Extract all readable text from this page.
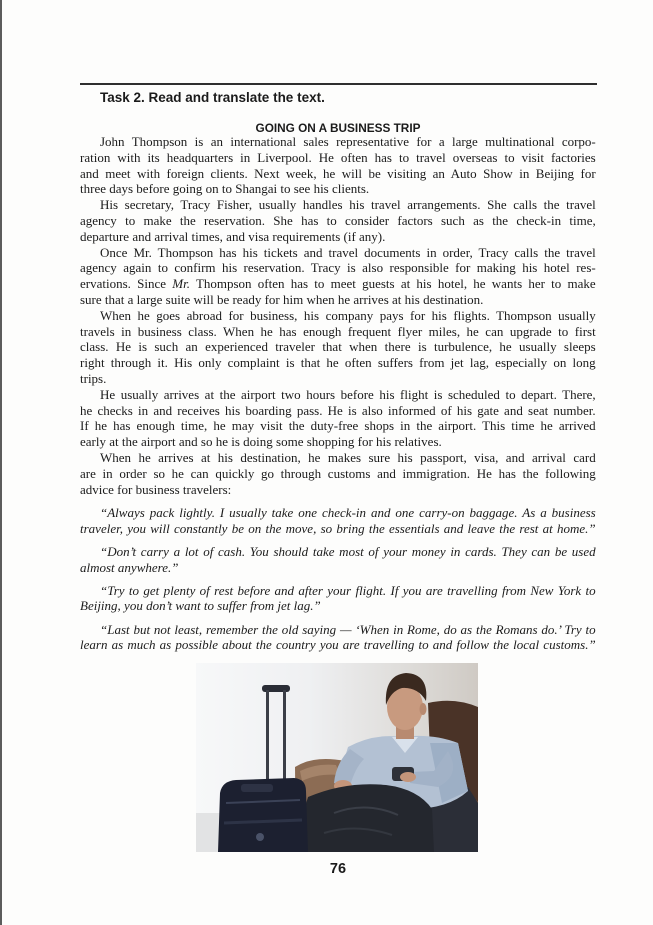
Task 2. Read and translate the text.
GOING ON A BUSINESS TRIP
John Thompson is an international sales representative for a large multinational corpo-
ration with its headquarters in Liverpool. He often has to travel overseas to visit factories
and meet with foreign clients. Next week, he will be visiting an Auto Show in Beijing for
three days before going on to Shangai to see his clients.
His secretary, Tracy Fisher, usually handles his travel arrangements. She calls the travel
agency to make the reservation. She has to consider factors such as the check-in time,
departure and arrival times, and visa requirements (if any).
Once Mr. Thompson has his tickets and travel documents in order, Tracy calls the travel
agency again to confirm his reservation. Tracy is also responsible for making his hotel res-
ervations. Since Mr. Thompson often has to meet guests at his hotel, he wants her to make
sure that a large suite will be ready for him when he arrives at his destination.
When he goes abroad for business, his company pays for his flights. Thompson usually
travels in business class. When he has enough frequent flyer miles, he can upgrade to first
class. He is such an experienced traveler that when there is turbulence, he usually sleeps
right through it. His only complaint is that he often suffers from jet lag, especially on long
trips.
He usually arrives at the airport two hours before his flight is scheduled to depart. There,
he checks in and receives his boarding pass. He is also informed of his gate and seat number.
If he has enough time, he may visit the duty-free shops in the airport. This time he arrived
early at the airport and so he is doing some shopping for his relatives.
When he arrives at his destination, he makes sure his passport, visa, and arrival card
are in order so he can quickly go through customs and immigration. He has the following
advice for business travelers:
“Always pack lightly. I usually take one check-in and one carry-on baggage. As a business
traveler, you will constantly be on the move, so bring the essentials and leave the rest at home.”
“Don’t carry a lot of cash. You should take most of your money in cards. They can be used
almost anywhere.”
“Try to get plenty of rest before and after your flight. If you are travelling from New York to
Beijing, you don’t want to suffer from jet lag.”
“Last but not least, remember the old saying — ‘When in Rome, do as the Romans do.’ Try to
learn as much as possible about the country you are travelling to and follow the local customs.”
76
